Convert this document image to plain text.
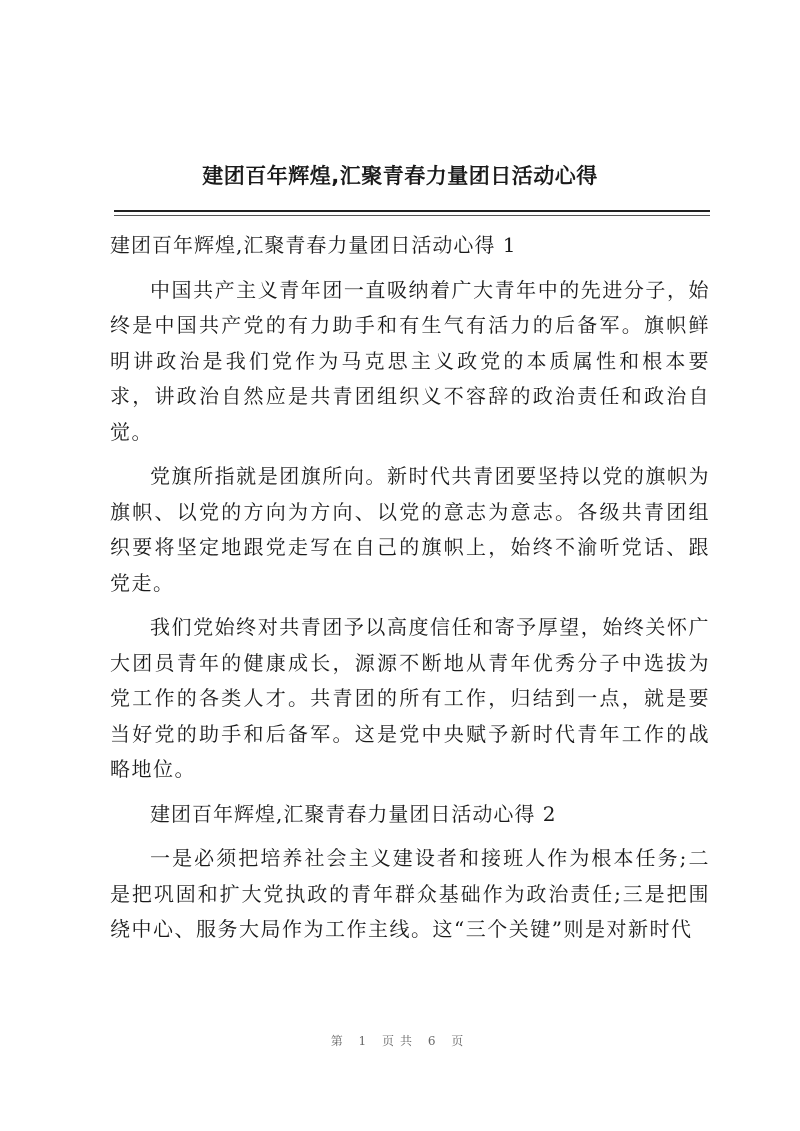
建团百年辉煌,汇聚青春力量团日活动心得

建团百年辉煌,汇聚青春力量团日活动心得 1

中国共产主义青年团一直吸纳着广大青年中的先进分子，始终是中国共产党的有力助手和有生气有活力的后备军。旗帜鲜明讲政治是我们党作为马克思主义政党的本质属性和根本要求，讲政治自然应是共青团组织义不容辞的政治责任和政治自觉。

党旗所指就是团旗所向。新时代共青团要坚持以党的旗帜为旗帜、以党的方向为方向、以党的意志为意志。各级共青团组织要将坚定地跟党走写在自己的旗帜上，始终不渝听党话、跟党走。

我们党始终对共青团予以高度信任和寄予厚望，始终关怀广大团员青年的健康成长，源源不断地从青年优秀分子中选拔为党工作的各类人才。共青团的所有工作，归结到一点，就是要当好党的助手和后备军。这是党中央赋予新时代青年工作的战略地位。

建团百年辉煌,汇聚青春力量团日活动心得 2

一是必须把培养社会主义建设者和接班人作为根本任务;二是把巩固和扩大党执政的青年群众基础作为政治责任;三是把围绕中心、服务大局作为工作主线。这“三个关键”则是对新时代

第 1 页共 6 页
